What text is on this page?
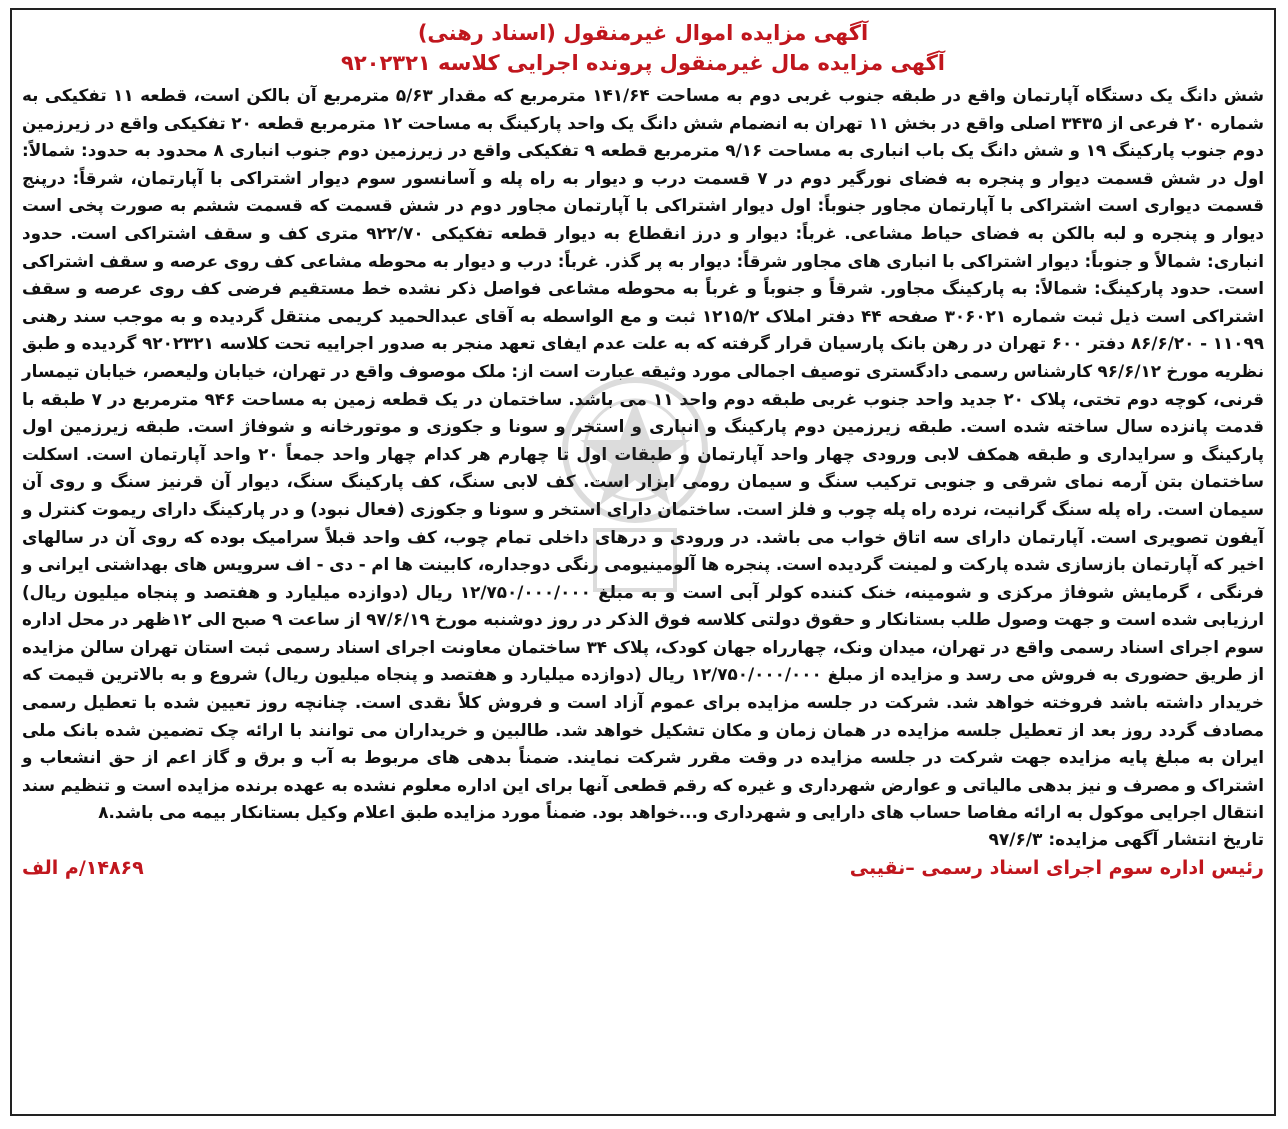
آگهی مزایده اموال غیرمنقول (اسناد رهنی)
آگهی مزایده مال غیرمنقول پرونده اجرایی کلاسه ۹۲۰۲۳۲۱

شش دانگ یک دستگاه آپارتمان واقع در طبقه جنوب غربی دوم به مساحت ۱۴۱/۶۴ مترمربع که مقدار ۵/۶۳ مترمربع آن بالکن است، قطعه ۱۱ تفکیکی به شماره ۲۰ فرعی از ۳۴۳۵ اصلی واقع در بخش ۱۱ تهران به انضمام شش دانگ یک واحد پارکینگ به مساحت ۱۲ مترمربع قطعه ۲۰ تفکیکی واقع در زیرزمین دوم جنوب پارکینگ ۱۹ و شش دانگ یک باب انباری به مساحت ۹/۱۶ مترمربع قطعه ۹ تفکیکی واقع در زیرزمین دوم جنوب انباری ۸ محدود به حدود: شمالاً: اول در شش قسمت دیوار و پنجره به فضای نورگیر دوم در ۷ قسمت درب و دیوار به راه پله و آسانسور سوم دیوار اشتراکی با آپارتمان، شرقاً: درپنج قسمت دیواری است اشتراکی با آپارتمان مجاور جنوباً: اول دیوار اشتراکی با آپارتمان مجاور دوم در شش قسمت که قسمت ششم به صورت پخی است دیوار و پنجره و لبه بالکن به فضای حیاط مشاعی. غرباً: دیوار و درز انقطاع به دیوار قطعه تفکیکی ۹۲۲/۷۰ متری کف و سقف اشتراکی است. حدود انباری: شمالاً و جنوباً: دیوار اشتراکی با انباری های مجاور شرقاً: دیوار به پر گذر. غرباً: درب و دیوار به محوطه مشاعی کف روی عرصه و سقف اشتراکی است. حدود پارکینگ: شمالاً: به پارکینگ مجاور. شرقاً و جنوباً و غرباً به محوطه مشاعی فواصل ذکر نشده خط مستقیم فرضی کف روی عرصه و سقف اشتراکی است ذیل ثبت شماره ۳۰۶۰۲۱ صفحه ۴۴ دفتر املاک ۱۲۱۵/۲ ثبت و مع الواسطه به آقای عبدالحمید کریمی منتقل گردیده و به موجب سند رهنی ۱۱۰۹۹ - ۸۶/۶/۲۰ دفتر ۶۰۰ تهران در رهن بانک پارسیان قرار گرفته که به علت عدم ایفای تعهد منجر به صدور اجراییه تحت کلاسه ۹۲۰۲۳۲۱ گردیده و طبق نظریه مورخ ۹۶/۶/۱۲ کارشناس رسمی دادگستری توصیف اجمالی مورد وثیقه عبارت است از: ملک موصوف واقع در تهران، خیابان ولیعصر، خیابان تیمسار قرنی، کوچه دوم تختی، پلاک ۲۰ جدید واحد جنوب غربی طبقه دوم واحد ۱۱ می باشد. ساختمان در یک قطعه زمین به مساحت ۹۴۶ مترمربع در ۷ طبقه با قدمت پانزده سال ساخته شده است. طبقه زیرزمین دوم پارکینگ و انباری و استخر و سونا و جکوزی و موتورخانه و شوفاژ است. طبقه زیرزمین اول پارکینگ و سرایداری و طبقه همکف لابی ورودی چهار واحد آپارتمان و طبقات اول تا چهارم هر کدام چهار واحد جمعاً ۲۰ واحد آپارتمان است. اسکلت ساختمان بتن آرمه نمای شرقی و جنوبی ترکیب سنگ و سیمان رومی ابزار است. کف لابی سنگ، کف پارکینگ سنگ، دیوار آن قرنیز سنگ و روی آن سیمان است. راه پله سنگ گرانیت، نرده راه پله چوب و فلز است. ساختمان دارای استخر و سونا و جکوزی (فعال نبود) و در پارکینگ دارای ریموت کنترل و آیفون تصویری است. آپارتمان دارای سه اتاق خواب می باشد. در ورودی و درهای داخلی تمام چوب، کف واحد قبلاً سرامیک بوده که روی آن در سالهای اخیر که آپارتمان بازسازی شده پارکت و لمینت گردیده است. پنجره ها آلومینیومی رنگی دوجداره، کابینت ها ام - دی - اف سرویس های بهداشتی ایرانی و فرنگی ، گرمایش شوفاژ مرکزی و شومینه، خنک کننده کولر آبی است و به مبلغ ۱۲/۷۵۰/۰۰۰/۰۰۰ ریال (دوازده میلیارد و هفتصد و پنجاه میلیون ریال) ارزیابی شده است و جهت وصول طلب بستانکار و حقوق دولتی کلاسه فوق الذکر در روز دوشنبه مورخ ۹۷/۶/۱۹ از ساعت ۹ صبح الی ۱۲ظهر در محل اداره سوم اجرای اسناد رسمی واقع در تهران، میدان ونک، چهارراه جهان کودک، پلاک ۳۴ ساختمان معاونت اجرای اسناد رسمی ثبت استان تهران سالن مزایده از طریق حضوری به فروش می رسد و مزایده از مبلغ ۱۲/۷۵۰/۰۰۰/۰۰۰ ریال (دوازده میلیارد و هفتصد و پنجاه میلیون ریال) شروع و به بالاترین قیمت که خریدار داشته باشد فروخته خواهد شد. شرکت در جلسه مزایده برای عموم آزاد است و فروش کلاً نقدی است. چنانچه روز تعیین شده با تعطیل رسمی مصادف گردد روز بعد از تعطیل جلسه مزایده در همان زمان و مکان تشکیل خواهد شد. طالبین و خریداران می توانند با ارائه چک تضمین شده بانک ملی ایران به مبلغ پایه مزایده جهت شرکت در جلسه مزایده در وقت مقرر شرکت نمایند. ضمناً بدهی های مربوط به آب و برق و گاز اعم از حق انشعاب و اشتراک و مصرف و نیز بدهی مالیاتی و عوارض شهرداری و غیره که رقم قطعی آنها برای این اداره معلوم نشده به عهده برنده مزایده است و تنظیم سند انتقال اجرایی موکول به ارائه مفاصا حساب های دارایی و شهرداری و...خواهد بود. ضمناً مورد مزایده طبق اعلام وکیل بستانکار بیمه می باشد.۸

تاریخ انتشار آگهی مزایده: ۹۷/۶/۳

رئیس اداره سوم اجرای اسناد رسمی –نقیبی
۱۴۸۶۹/م الف
